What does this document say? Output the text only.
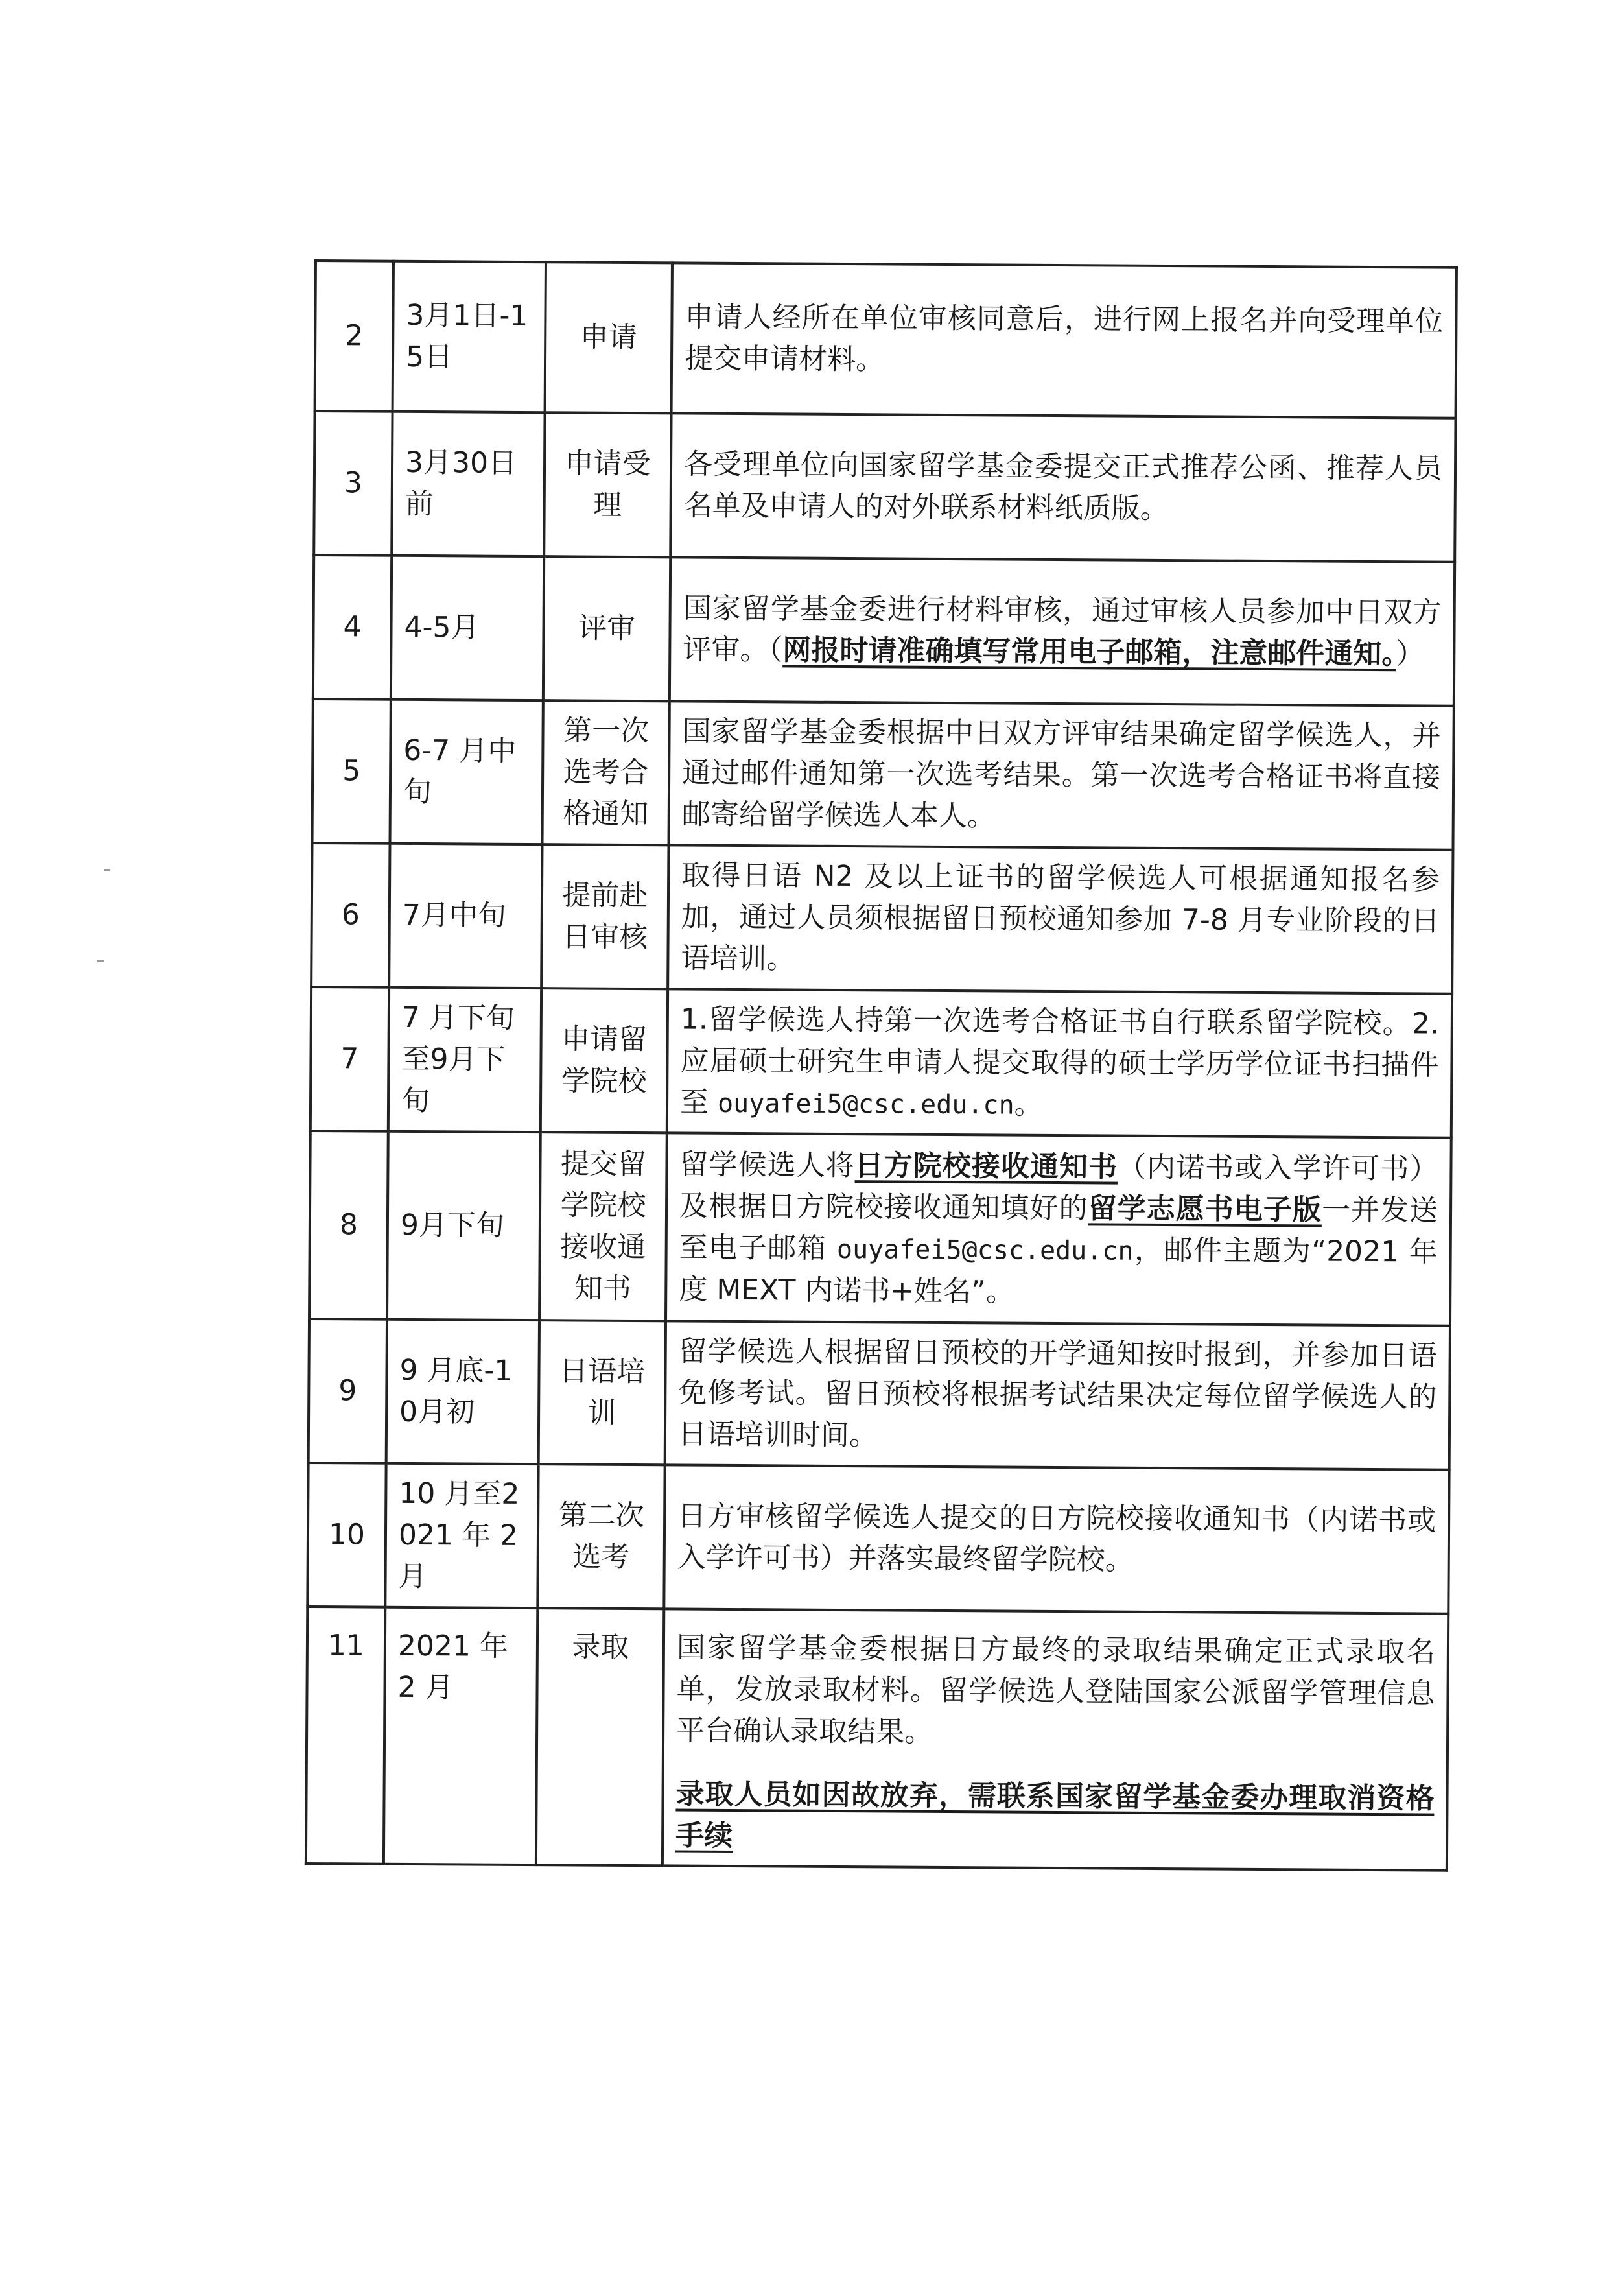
2	3月1日-15日	申请	申请人经所在单位审核同意后，进行网上报名并向受理单位提交申请材料。
3	3月30日前	申请受理	各受理单位向国家留学基金委提交正式推荐公函、推荐人员名单及申请人的对外联系材料纸质版。
4	4-5月	评审	国家留学基金委进行材料审核，通过审核人员参加中日双方评审。（网报时请准确填写常用电子邮箱，注意邮件通知。）
5	6-7 月中旬	第一次选考合格通知	国家留学基金委根据中日双方评审结果确定留学候选人，并通过邮件通知第一次选考结果。第一次选考合格证书将直接邮寄给留学候选人本人。
6	7月中旬	提前赴日审核	取得日语 N2 及以上证书的留学候选人可根据通知报名参加，通过人员须根据留日预校通知参加 7-8 月专业阶段的日语培训。
7	7 月下旬至9月下旬	申请留学院校	1.留学候选人持第一次选考合格证书自行联系留学院校。2.应届硕士研究生申请人提交取得的硕士学历学位证书扫描件至 ouyafei5@csc.edu.cn。
8	9月下旬	提交留学院校接收通知书	留学候选人将日方院校接收通知书（内诺书或入学许可书）及根据日方院校接收通知填好的留学志愿书电子版一并发送至电子邮箱 ouyafei5@csc.edu.cn，邮件主题为“2021 年度 MEXT 内诺书+姓名”。
9	9 月底-10月初	日语培训	留学候选人根据留日预校的开学通知按时报到，并参加日语免修考试。留日预校将根据考试结果决定每位留学候选人的日语培训时间。
10	10 月至2021 年 2 月	第二次选考	日方审核留学候选人提交的日方院校接收通知书（内诺书或入学许可书）并落实最终留学院校。
11	2021 年 2 月	录取	国家留学基金委根据日方最终的录取结果确定正式录取名单，发放录取材料。留学候选人登陆国家公派留学管理信息平台确认录取结果。
录取人员如因故放弃，需联系国家留学基金委办理取消资格手续
